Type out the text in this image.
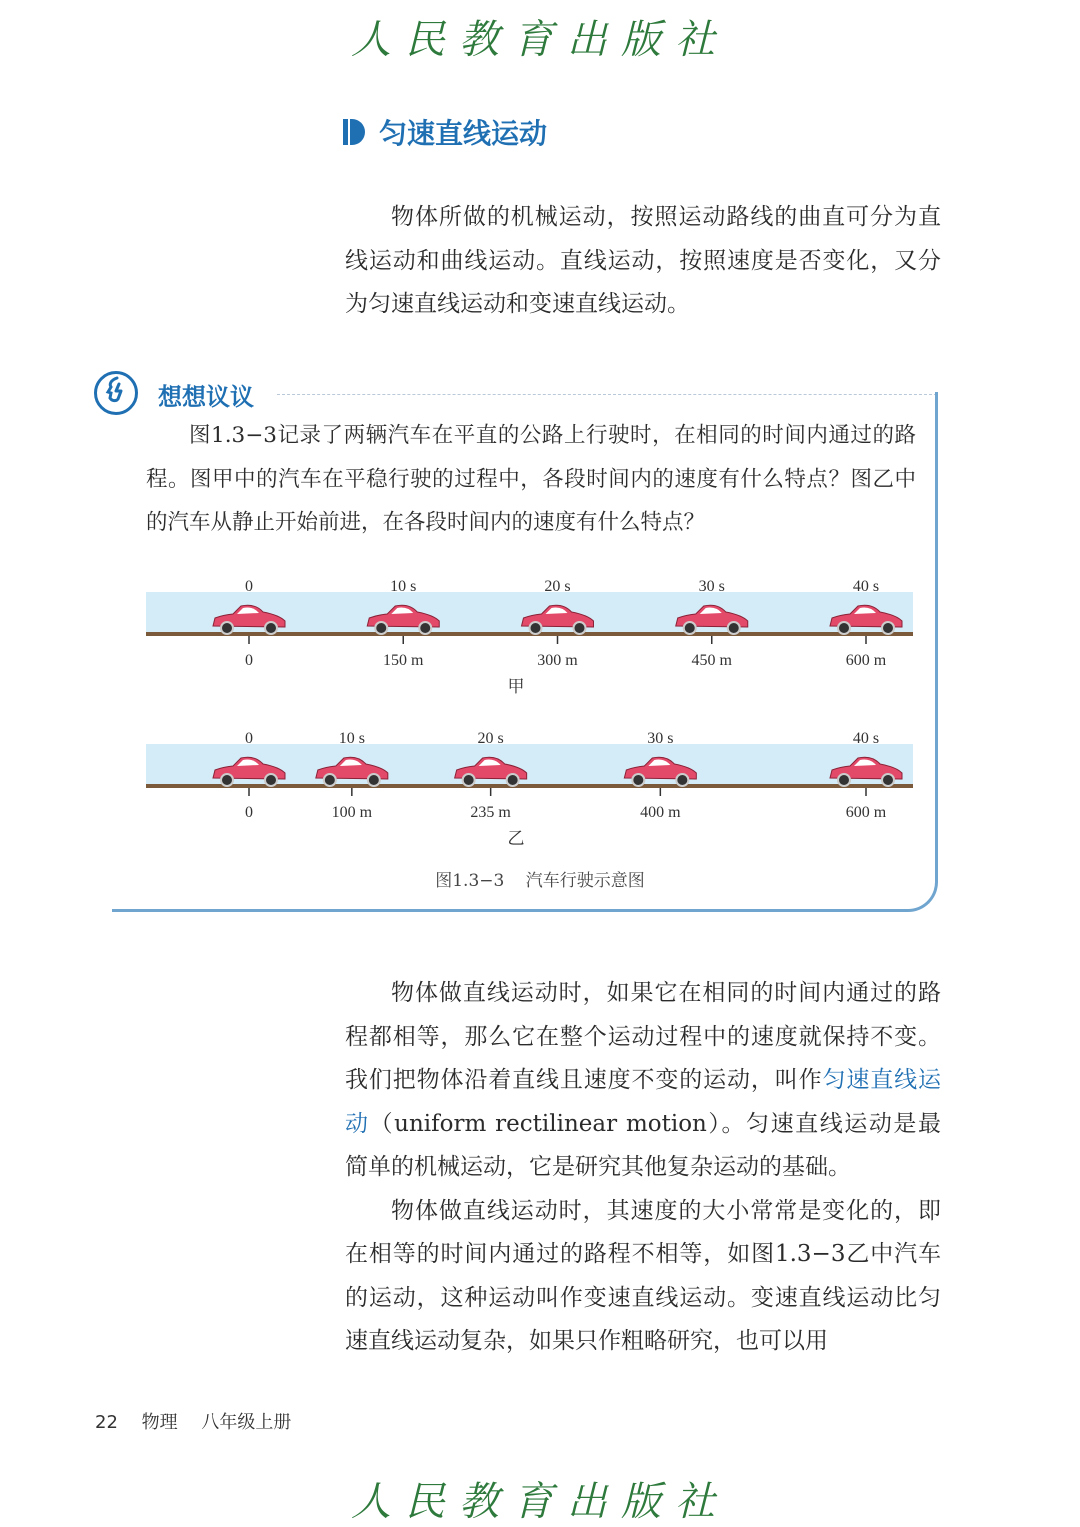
人民教育出版社
匀速直线运动

物体所做的机械运动，按照运动路线的曲直可分为直线运动和曲线运动。直线运动，按照速度是否变化，又分为匀速直线运动和变速直线运动。

想想议议

图1.3−3记录了两辆汽车在平直的公路上行驶时，在相同的时间内通过的路程。图甲中的汽车在平稳行驶的过程中，各段时间内的速度有什么特点？图乙中的汽车从静止开始前进，在各段时间内的速度有什么特点？

0
0
10 s
150 m
20 s
300 m
30 s
450 m
40 s
600 m
甲
0
0
10 s
100 m
20 s
235 m
30 s
400 m
40 s
600 m
乙
图1.3−3 汽车行驶示意图

物体做直线运动时，如果它在相同的时间内通过的路程都相等，那么它在整个运动过程中的速度就保持不变。我们把物体沿着直线且速度不变的运动，叫作匀速直线运动（uniform rectilinear motion）。匀速直线运动是最简单的机械运动，它是研究其他复杂运动的基础。

物体做直线运动时，其速度的大小常常是变化的，即在相等的时间内通过的路程不相等，如图1.3−3乙中汽车的运动，这种运动叫作变速直线运动。变速直线运动比匀速直线运动复杂，如果只作粗略研究，也可以用

22 物理 八年级上册
人民教育出版社
